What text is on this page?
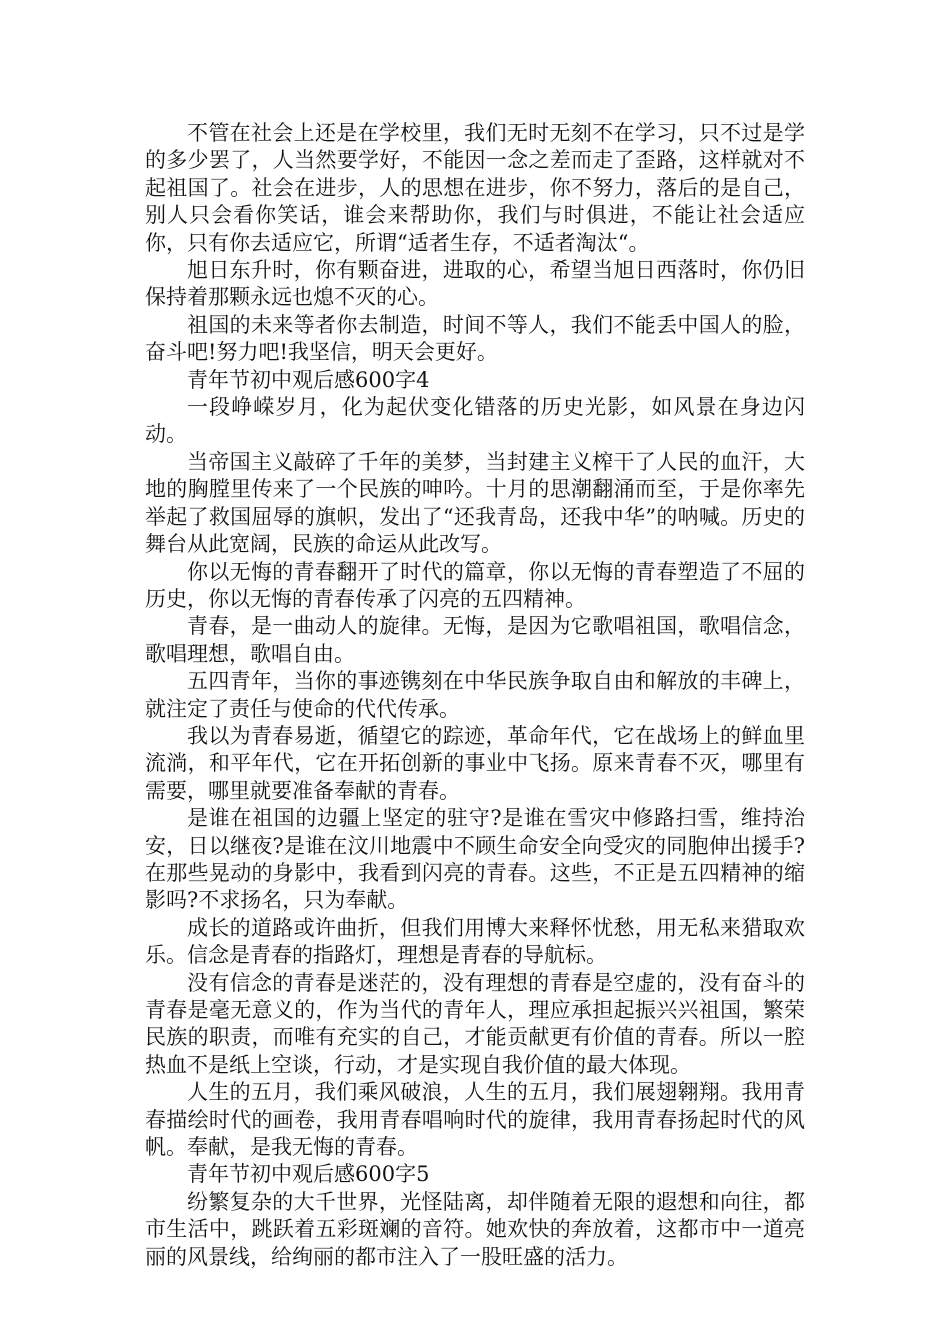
不管在社会上还是在学校里，我们无时无刻不在学习，只不过是学的多少罢了，人当然要学好，不能因一念之差而走了歪路，这样就对不起祖国了。社会在进步，人的思想在进步，你不努力，落后的是自己，别人只会看你笑话，谁会来帮助你，我们与时俱进，不能让社会适应你，只有你去适应它，所谓“适者生存，不适者淘汰“。

旭日东升时，你有颗奋进，进取的心，希望当旭日西落时，你仍旧保持着那颗永远也熄不灭的心。

祖国的未来等者你去制造，时间不等人，我们不能丢中国人的脸，奋斗吧!努力吧!我坚信，明天会更好。

青年节初中观后感600字4

一段峥嵘岁月，化为起伏变化错落的历史光影，如风景在身边闪动。

当帝国主义敲碎了千年的美梦，当封建主义榨干了人民的血汗，大地的胸膛里传来了一个民族的呻吟。十月的思潮翻涌而至，于是你率先举起了救国屈辱的旗帜，发出了“还我青岛，还我中华”的呐喊。历史的舞台从此宽阔，民族的命运从此改写。

你以无悔的青春翻开了时代的篇章，你以无悔的青春塑造了不屈的历史，你以无悔的青春传承了闪亮的五四精神。

青春，是一曲动人的旋律。无悔，是因为它歌唱祖国，歌唱信念，歌唱理想，歌唱自由。

五四青年，当你的事迹镌刻在中华民族争取自由和解放的丰碑上，就注定了责任与使命的代代传承。

我以为青春易逝，循望它的踪迹，革命年代，它在战场上的鲜血里流淌，和平年代，它在开拓创新的事业中飞扬。原来青春不灭，哪里有需要，哪里就要准备奉献的青春。

是谁在祖国的边疆上坚定的驻守?是谁在雪灾中修路扫雪，维持治安，日以继夜?是谁在汶川地震中不顾生命安全向受灾的同胞伸出援手?在那些晃动的身影中，我看到闪亮的青春。这些，不正是五四精神的缩影吗?不求扬名，只为奉献。

成长的道路或许曲折，但我们用博大来释怀忧愁，用无私来猎取欢乐。信念是青春的指路灯，理想是青春的导航标。

没有信念的青春是迷茫的，没有理想的青春是空虚的，没有奋斗的青春是毫无意义的，作为当代的青年人，理应承担起振兴兴祖国，繁荣民族的职责，而唯有充实的自己，才能贡献更有价值的青春。所以一腔热血不是纸上空谈，行动，才是实现自我价值的最大体现。

人生的五月，我们乘风破浪，人生的五月，我们展翅翱翔。我用青春描绘时代的画卷，我用青春唱响时代的旋律，我用青春扬起时代的风帆。奉献，是我无悔的青春。

青年节初中观后感600字5

纷繁复杂的大千世界，光怪陆离，却伴随着无限的遐想和向往，都市生活中，跳跃着五彩斑斓的音符。她欢快的奔放着，这都市中一道亮丽的风景线，给绚丽的都市注入了一股旺盛的活力。
